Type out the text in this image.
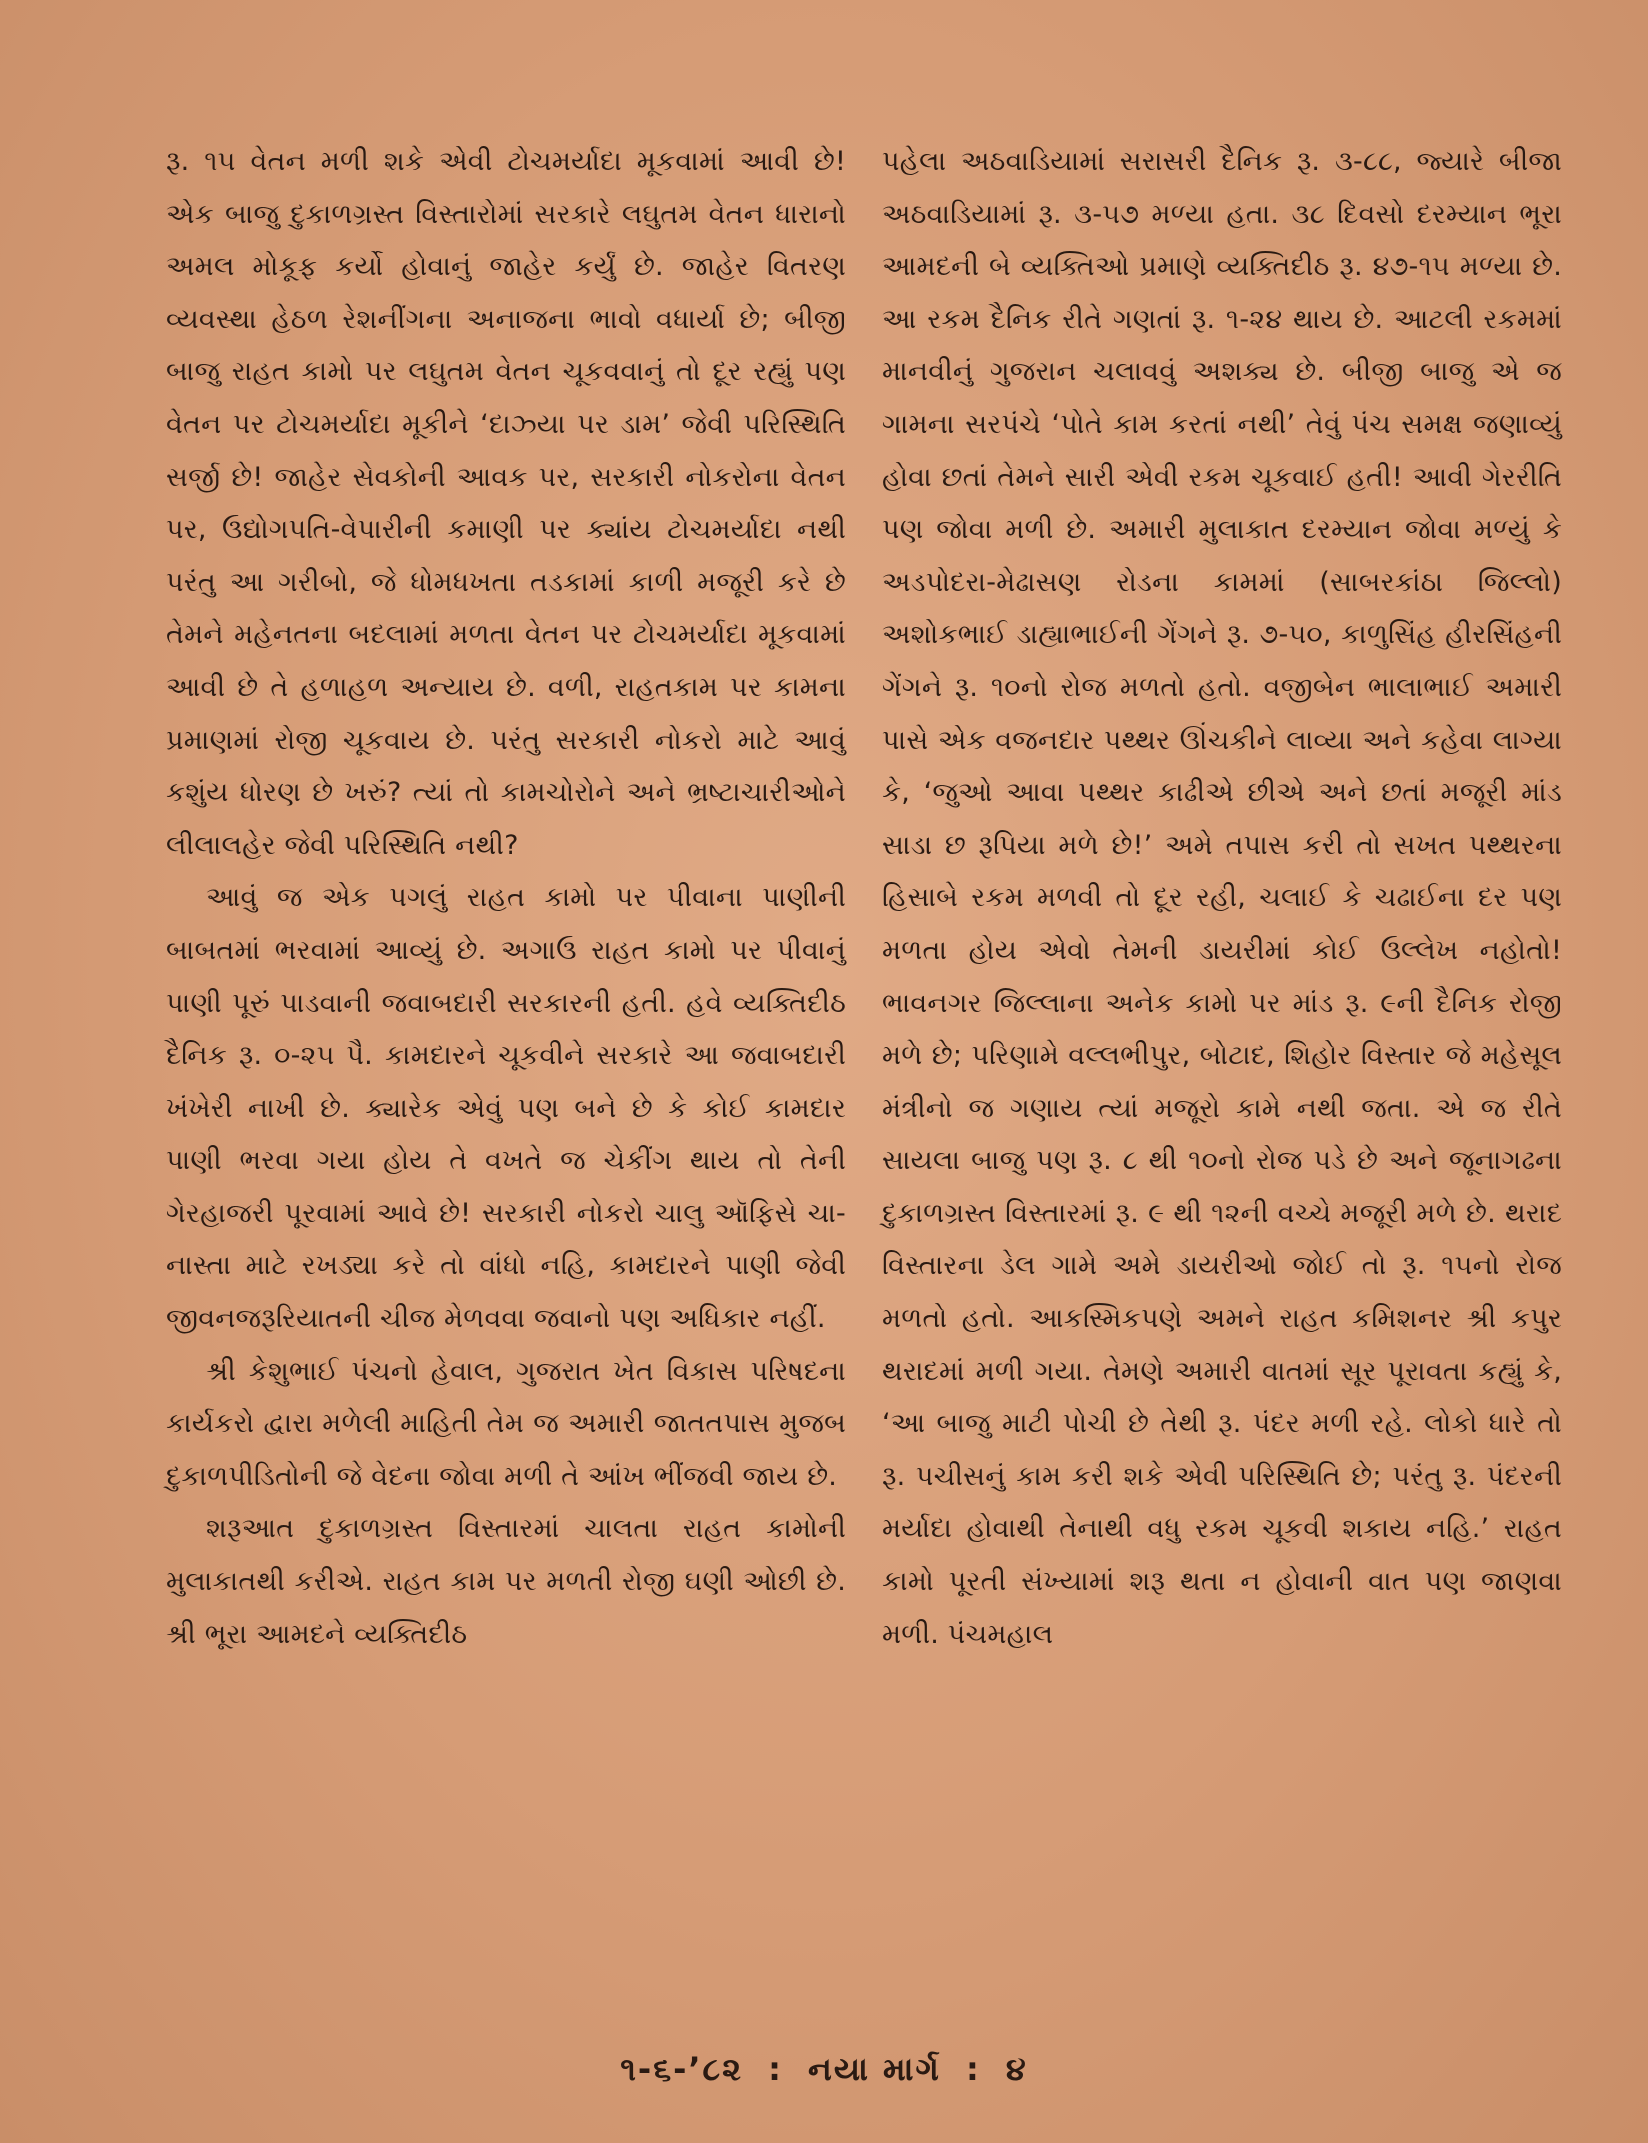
રૂ. ૧૫ વેતન મળી શકે એવી ટોચમર્યાદા મૂકવામાં આવી છે! એક બાજુ દુકાળગ્રસ્ત વિસ્તારોમાં સરકારે લઘુતમ વેતન ધારાનો અમલ મોકૂફ કર્યો હોવાનું જાહેર કર્યું છે. જાહેર વિતરણ વ્યવસ્થા હેઠળ રેશનીંગના અનાજના ભાવો વધાર્યા છે; બીજી બાજુ રાહત કામો પર લઘુતમ વેતન ચૂકવવાનું તો દૂર રહ્યું પણ વેતન પર ટોચમર્યાદા મૂકીને ‘દાઝ્યા પર ડામ’ જેવી પરિસ્થિતિ સર્જી છે! જાહેર સેવકોની આવક પર, સરકારી નોકરોના વેતન પર, ઉદ્યોગપતિ-વેપારીની કમાણી પર ક્યાંય ટોચમર્યાદા નથી પરંતુ આ ગરીબો, જે ધોમધખતા તડકામાં કાળી મજૂરી કરે છે તેમને મહેનતના બદલામાં મળતા વેતન પર ટોચમર્યાદા મૂકવામાં આવી છે તે હળાહળ અન્યાય છે. વળી, રાહતકામ પર કામના પ્રમાણમાં રોજી ચૂકવાય છે. પરંતુ સરકારી નોકરો માટે આવું કશુંય ધોરણ છે ખરું? ત્યાં તો કામચોરોને અને ભ્રષ્ટાચારીઓને લીલાલહેર જેવી પરિસ્થિતિ નથી?

આવું જ એક પગલું રાહત કામો પર પીવાના પાણીની બાબતમાં ભરવામાં આવ્યું છે. અગાઉ રાહત કામો પર પીવાનું પાણી પૂરું પાડવાની જવાબદારી સરકારની હતી. હવે વ્યક્તિદીઠ દૈનિક રૂ. ૦-૨૫ પૈ. કામદારને ચૂકવીને સરકારે આ જવાબદારી ખંખેરી નાખી છે. ક્યારેક એવું પણ બને છે કે કોઈ કામદાર પાણી ભરવા ગયા હોય તે વખતે જ ચેકીંગ થાય તો તેની ગેરહાજરી પૂરવામાં આવે છે! સરકારી નોકરો ચાલુ ઑફિસે ચા-નાસ્તા માટે રખડ્યા કરે તો વાંધો નહિ, કામદારને પાણી જેવી જીવનજરૂરિયાતની ચીજ મેળવવા જવાનો પણ અધિકાર નહીં.

શ્રી કેશુભાઈ પંચનો હેવાલ, ગુજરાત ખેત વિકાસ પરિષદના કાર્યકરો દ્વારા મળેલી માહિતી તેમ જ અમારી જાતતપાસ મુજબ દુકાળપીડિતોની જે વેદના જોવા મળી તે આંખ ભીંજવી જાય છે.

શરૂઆત દુકાળગ્રસ્ત વિસ્તારમાં ચાલતા રાહત કામોની મુલાકાતથી કરીએ. રાહત કામ પર મળતી રોજી ઘણી ઓછી છે. શ્રી ભૂરા આમદને વ્યક્તિદીઠ

પહેલા અઠવાડિયામાં સરાસરી દૈનિક રૂ. ૩-૮૮, જ્યારે બીજા અઠવાડિયામાં રૂ. ૩-૫૭ મળ્યા હતા. ૩૮ દિવસો દરમ્યાન ભૂરા આમદની બે વ્યક્તિઓ પ્રમાણે વ્યક્તિદીઠ રૂ. ૪૭-૧૫ મળ્યા છે. આ રકમ દૈનિક રીતે ગણતાં રૂ. ૧-૨૪ થાય છે. આટલી રકમમાં માનવીનું ગુજરાન ચલાવવું અશક્ય છે. બીજી બાજુ એ જ ગામના સરપંચે ‘પોતે કામ કરતાં નથી’ તેવું પંચ સમક્ષ જણાવ્યું હોવા છતાં તેમને સારી એવી રકમ ચૂકવાઈ હતી! આવી ગેરરીતિ પણ જોવા મળી છે. અમારી મુલાકાત દરમ્યાન જોવા મળ્યું કે અડપોદરા-મેઢાસણ રોડના કામમાં (સાબરકાંઠા જિલ્લો) અશોકભાઈ ડાહ્યાભાઈની ગેંગને રૂ. ૭-૫૦, કાળુસિંહ હીરસિંહની ગેંગને રૂ. ૧૦નો રોજ મળતો હતો. વજીબેન ભાલાભાઈ અમારી પાસે એક વજનદાર પથ્થર ઊંચકીને લાવ્યા અને કહેવા લાગ્યા કે, ‘જુઓ આવા પથ્થર કાઢીએ છીએ અને છતાં મજૂરી માંડ સાડા છ રૂપિયા મળે છે!’ અમે તપાસ કરી તો સખત પથ્થરના હિસાબે રકમ મળવી તો દૂર રહી, ચલાઈ કે ચઢાઈના દર પણ મળતા હોય એવો તેમની ડાયરીમાં કોઈ ઉલ્લેખ નહોતો! ભાવનગર જિલ્લાના અનેક કામો પર માંડ રૂ. ૯ની દૈનિક રોજી મળે છે; પરિણામે વલ્લભીપુર, બોટાદ, શિહોર વિસ્તાર જે મહેસૂલ મંત્રીનો જ ગણાય ત્યાં મજૂરો કામે નથી જતા. એ જ રીતે સાયલા બાજુ પણ રૂ. ૮ થી ૧૦નો રોજ પડે છે અને જૂનાગઢના દુકાળગ્રસ્ત વિસ્તારમાં રૂ. ૯ થી ૧૨ની વચ્ચે મજૂરી મળે છે. થરાદ વિસ્તારના ડેલ ગામે અમે ડાયરીઓ જોઈ તો રૂ. ૧૫નો રોજ મળતો હતો. આકસ્મિકપણે અમને રાહત કમિશનર શ્રી કપુર થરાદમાં મળી ગયા. તેમણે અમારી વાતમાં સૂર પૂરાવતા કહ્યું કે, ‘આ બાજુ માટી પોચી છે તેથી રૂ. પંદર મળી રહે. લોકો ધારે તો રૂ. પચીસનું કામ કરી શકે એવી પરિસ્થિતિ છે; પરંતુ રૂ. પંદરની મર્યાદા હોવાથી તેનાથી વધુ રકમ ચૂકવી શકાય નહિ.’ રાહત કામો પૂરતી સંખ્યામાં શરૂ થતા ન હોવાની વાત પણ જાણવા મળી. પંચમહાલ

૧-૬-’૮૨ : નયા માર્ગ : ૪
